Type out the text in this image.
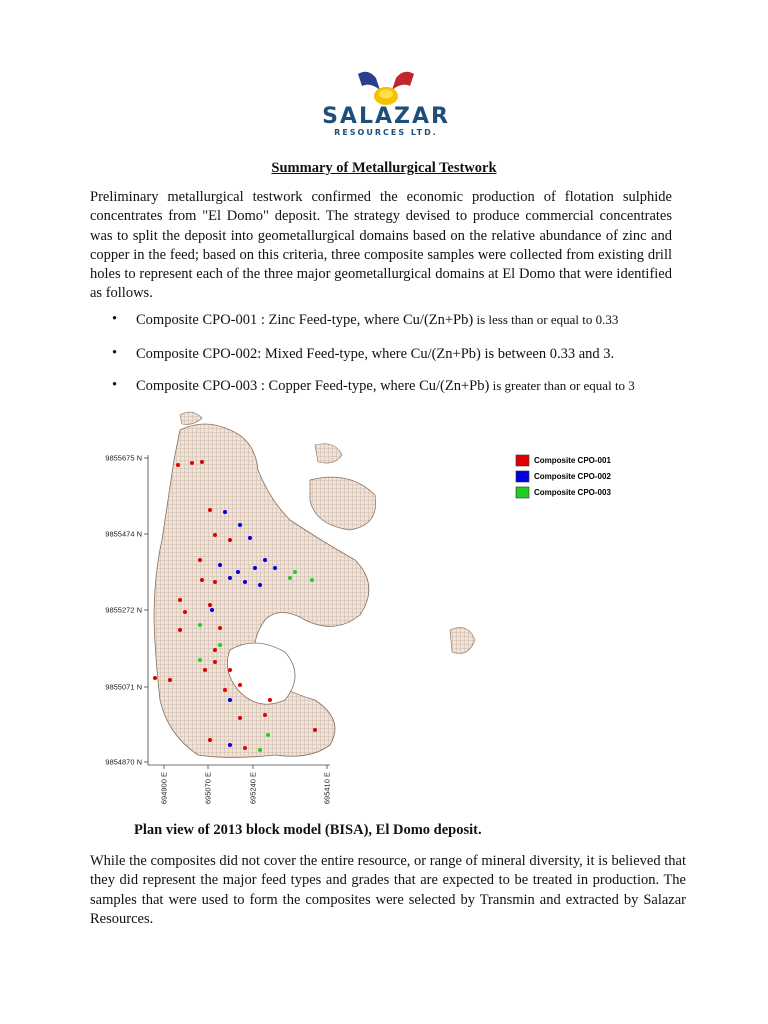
SALAZAR
RESOURCES LTD.
Summary of Metallurgical Testwork

Preliminary metallurgical testwork confirmed the economic production of flotation sulphide concentrates from "El Domo" deposit. The strategy devised to produce commercial concentrates was to split the deposit into geometallurgical domains based on the relative abundance of zinc and copper in the feed; based on this criteria, three composite samples were collected from existing drill holes to represent each of the three major geometallurgical domains at El Domo that were identified as follows.

• Composite CPO-001 : Zinc Feed-type, where Cu/(Zn+Pb) is less than or equal to 0.33
• Composite CPO-002: Mixed Feed-type, where Cu/(Zn+Pb) is between 0.33 and 3.
• Composite CPO-003 : Copper Feed-type, where Cu/(Zn+Pb) is greater than or equal to 3
9855675 N
9855474 N
9855272 N
9855071 N
9854870 N
694900 E	695070 E	695240 E	695410 E
Composite CPO-001
Composite CPO-002
Composite CPO-003
Plan view of 2013 block model (BISA), El Domo deposit.

While the composites did not cover the entire resource, or range of mineral diversity, it is believed that they did represent the major feed types and grades that are expected to be treated in production. The samples that were used to form the composites were selected by Transmin and extracted by Salazar Resources.
